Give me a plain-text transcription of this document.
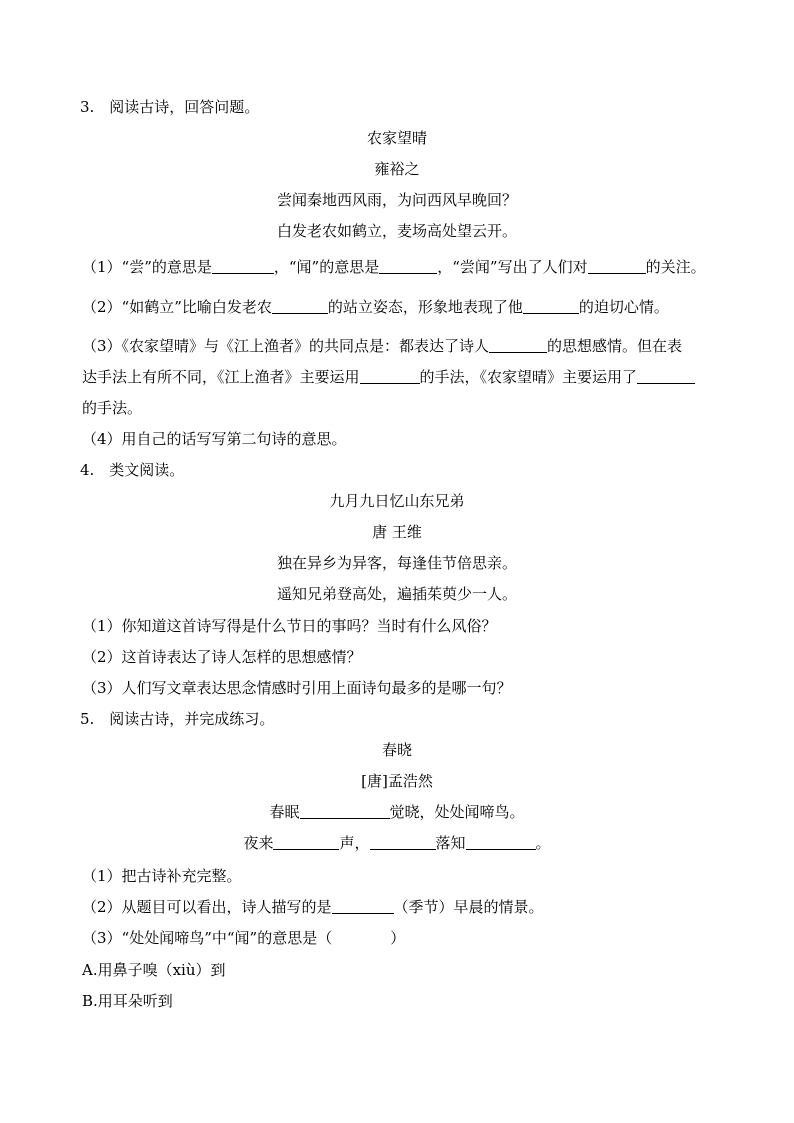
3.　阅读古诗，回答问题。
农家望晴
雍裕之
尝闻秦地西风雨，为问西风早晚回？
白发老农如鹤立，麦场高处望云开。
（1）“尝”的意思是	，“闻”的意思是	，“尝闻”写出了人们对	的关注。
（2）“如鹤立”比喻白发老农	的站立姿态，形象地表现了他	的迫切心情。
（3）《农家望晴》与《江上渔者》的共同点是：都表达了诗人	的思想感情。但在表
达手法上有所不同，《江上渔者》主要运用	的手法，《农家望晴》主要运用了
的手法。
（4）用自己的话写写第二句诗的意思。
4.　类文阅读。
九月九日忆山东兄弟
唐 王维
独在异乡为异客，每逢佳节倍思亲。
遥知兄弟登高处，遍插茱萸少一人。
（1）你知道这首诗写得是什么节日的事吗？当时有什么风俗？
（2）这首诗表达了诗人怎样的思想感情？
（3）人们写文章表达思念情感时引用上面诗句最多的是哪一句？
5.　阅读古诗，并完成练习。
春晓
[唐]孟浩然
春眠	觉晓，处处闻啼鸟。
夜来	声，	落知	。
（1）把古诗补充完整。
（2）从题目可以看出，诗人描写的是	（季节）早晨的情景。
（3）“处处闻啼鸟”中“闻”的意思是（	）
A.用鼻子嗅（xiù）到
B.用耳朵听到
